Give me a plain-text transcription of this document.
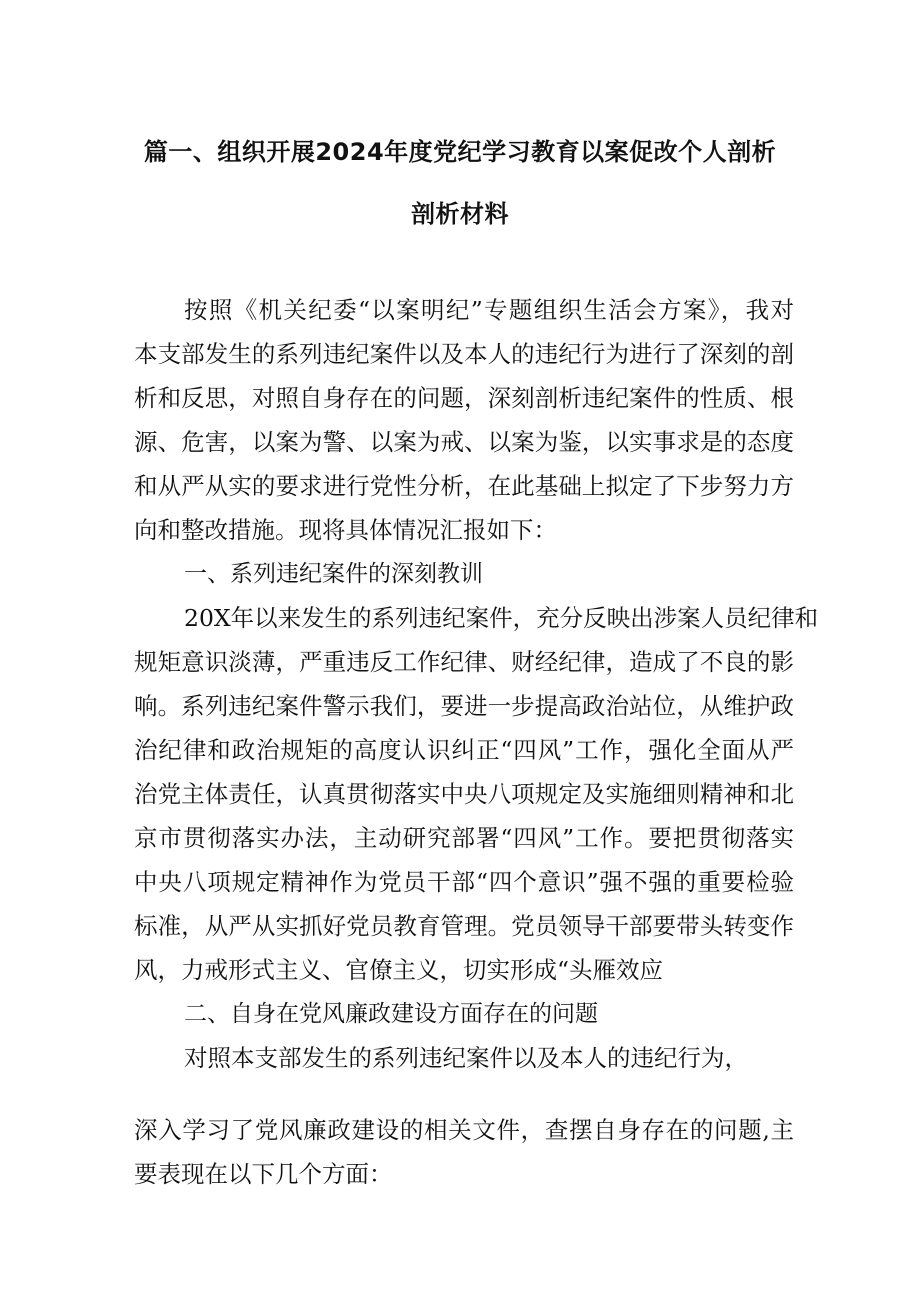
篇一、组织开展2024年度党纪学习教育以案促改个人剖析
剖析材料
按照《机关纪委“以案明纪”专题组织生活会方案》，我对
本支部发生的系列违纪案件以及本人的违纪行为进行了深刻的剖
析和反思，对照自身存在的问题，深刻剖析违纪案件的性质、根
源、危害，以案为警、以案为戒、以案为鉴，以实事求是的态度
和从严从实的要求进行党性分析，在此基础上拟定了下步努力方
向和整改措施。现将具体情况汇报如下：
一、系列违纪案件的深刻教训
20X年以来发生的系列违纪案件，充分反映出涉案人员纪律和
规矩意识淡薄，严重违反工作纪律、财经纪律，造成了不良的影
响。系列违纪案件警示我们，要进一步提高政治站位，从维护政
治纪律和政治规矩的高度认识纠正“四风”工作，强化全面从严
治党主体责任，认真贯彻落实中央八项规定及实施细则精神和北
京市贯彻落实办法，主动研究部署“四风”工作。要把贯彻落实
中央八项规定精神作为党员干部“四个意识”强不强的重要检验
标准，从严从实抓好党员教育管理。党员领导干部要带头转变作
风，力戒形式主义、官僚主义，切实形成“头雁效应
二、自身在党风廉政建设方面存在的问题
对照本支部发生的系列违纪案件以及本人的违纪行为，
深入学习了党风廉政建设的相关文件，查摆自身存在的问题,主
要表现在以下几个方面：
